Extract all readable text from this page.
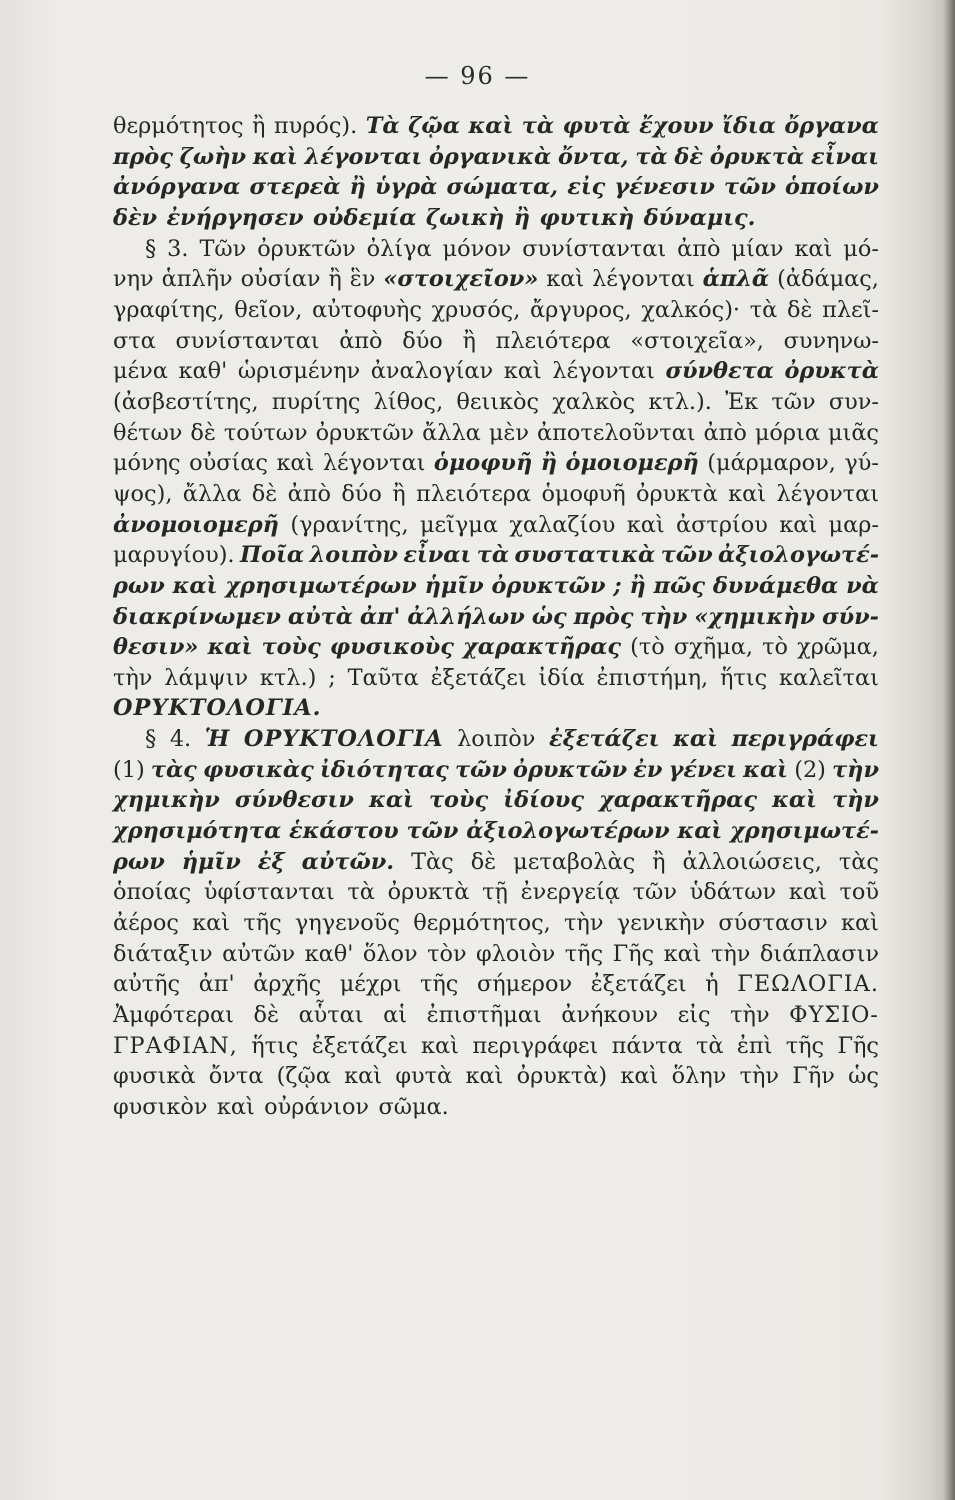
— 96 —
θερμότητος ἢ πυρός). Τὰ ζῷα καὶ τὰ φυτὰ ἔχουν ἴδια ὄργανα
πρὸς ζωὴν καὶ λέγονται ὀργανικὰ ὄντα, τὰ δὲ ὀρυκτὰ εἶναι
ἀνόργανα στερεὰ ἢ ὑγρὰ σώματα, εἰς γένεσιν τῶν ὁποίων
δὲν ἐνήργησεν οὐδεμία ζωικὴ ἢ φυτικὴ δύναμις.
§ 3. Τῶν ὀρυκτῶν ὀλίγα μόνον συνίστανται ἀπὸ μίαν καὶ μό-
νην ἁπλῆν οὐσίαν ἢ ἓν «στοιχεῖον» καὶ λέγονται ἁπλᾶ (ἀδάμας,
γραφίτης, θεῖον, αὐτοφυὴς χρυσός, ἄργυρος, χαλκός)· τὰ δὲ πλεῖ-
στα συνίστανται ἀπὸ δύο ἢ πλειότερα «στοιχεῖα», συνηνω-
μένα καθ' ὡρισμένην ἀναλογίαν καὶ λέγονται σύνθετα ὀρυκτὰ
(ἀσβεστίτης, πυρίτης λίθος, θειικὸς χαλκὸς κτλ.). Ἐκ τῶν συν-
θέτων δὲ τούτων ὀρυκτῶν ἄλλα μὲν ἀποτελοῦνται ἀπὸ μόρια μιᾶς
μόνης οὐσίας καὶ λέγονται ὁμοφυῆ ἢ ὁμοιομερῆ (μάρμαρον, γύ-
ψος), ἄλλα δὲ ἀπὸ δύο ἢ πλειότερα ὁμοφυῆ ὀρυκτὰ καὶ λέγονται
ἀνομοιομερῆ (γρανίτης, μεῖγμα χαλαζίου καὶ ἀστρίου καὶ μαρ-
μαρυγίου). Ποῖα λοιπὸν εἶναι τὰ συστατικὰ τῶν ἀξιολογωτέ-
ρων καὶ χρησιμωτέρων ἡμῖν ὀρυκτῶν ; ἢ πῶς δυνάμεθα νὰ
διακρίνωμεν αὐτὰ ἀπ' ἀλλήλων ὡς πρὸς τὴν «χημικὴν σύν-
θεσιν» καὶ τοὺς φυσικοὺς χαρακτῆρας (τὸ σχῆμα, τὸ χρῶμα,
τὴν λάμψιν κτλ.) ; Ταῦτα ἐξετάζει ἰδία ἐπιστήμη, ἥτις καλεῖται
ΟΡΥΚΤΟΛΟΓΙΑ.
§ 4. Ἡ ΟΡΥΚΤΟΛΟΓΙΑ λοιπὸν ἐξετάζει καὶ περιγράφει
(1) τὰς φυσικὰς ἰδιότητας τῶν ὀρυκτῶν ἐν γένει καὶ (2) τὴν
χημικὴν σύνθεσιν καὶ τοὺς ἰδίους χαρακτῆρας καὶ τὴν
χρησιμότητα ἑκάστου τῶν ἀξιολογωτέρων καὶ χρησιμωτέ-
ρων ἡμῖν ἐξ αὐτῶν. Τὰς δὲ μεταβολὰς ἢ ἀλλοιώσεις, τὰς
ὁποίας ὑφίστανται τὰ ὀρυκτὰ τῇ ἐνεργείᾳ τῶν ὑδάτων καὶ τοῦ
ἀέρος καὶ τῆς γηγενοῦς θερμότητος, τὴν γενικὴν σύστασιν καὶ
διάταξιν αὐτῶν καθ' ὅλον τὸν φλοιὸν τῆς Γῆς καὶ τὴν διάπλασιν
αὐτῆς ἀπ' ἀρχῆς μέχρι τῆς σήμερον ἐξετάζει ἡ ΓΕΩΛΟΓΙΑ.
Ἀμφότεραι δὲ αὗται αἱ ἐπιστῆμαι ἀνήκουν εἰς τὴν ΦΥΣΙΟ-
ΓΡΑΦΙΑΝ, ἥτις ἐξετάζει καὶ περιγράφει πάντα τὰ ἐπὶ τῆς Γῆς
φυσικὰ ὄντα (ζῷα καὶ φυτὰ καὶ ὀρυκτὰ) καὶ ὅλην τὴν Γῆν ὡς
φυσικὸν καὶ οὐράνιον σῶμα.
